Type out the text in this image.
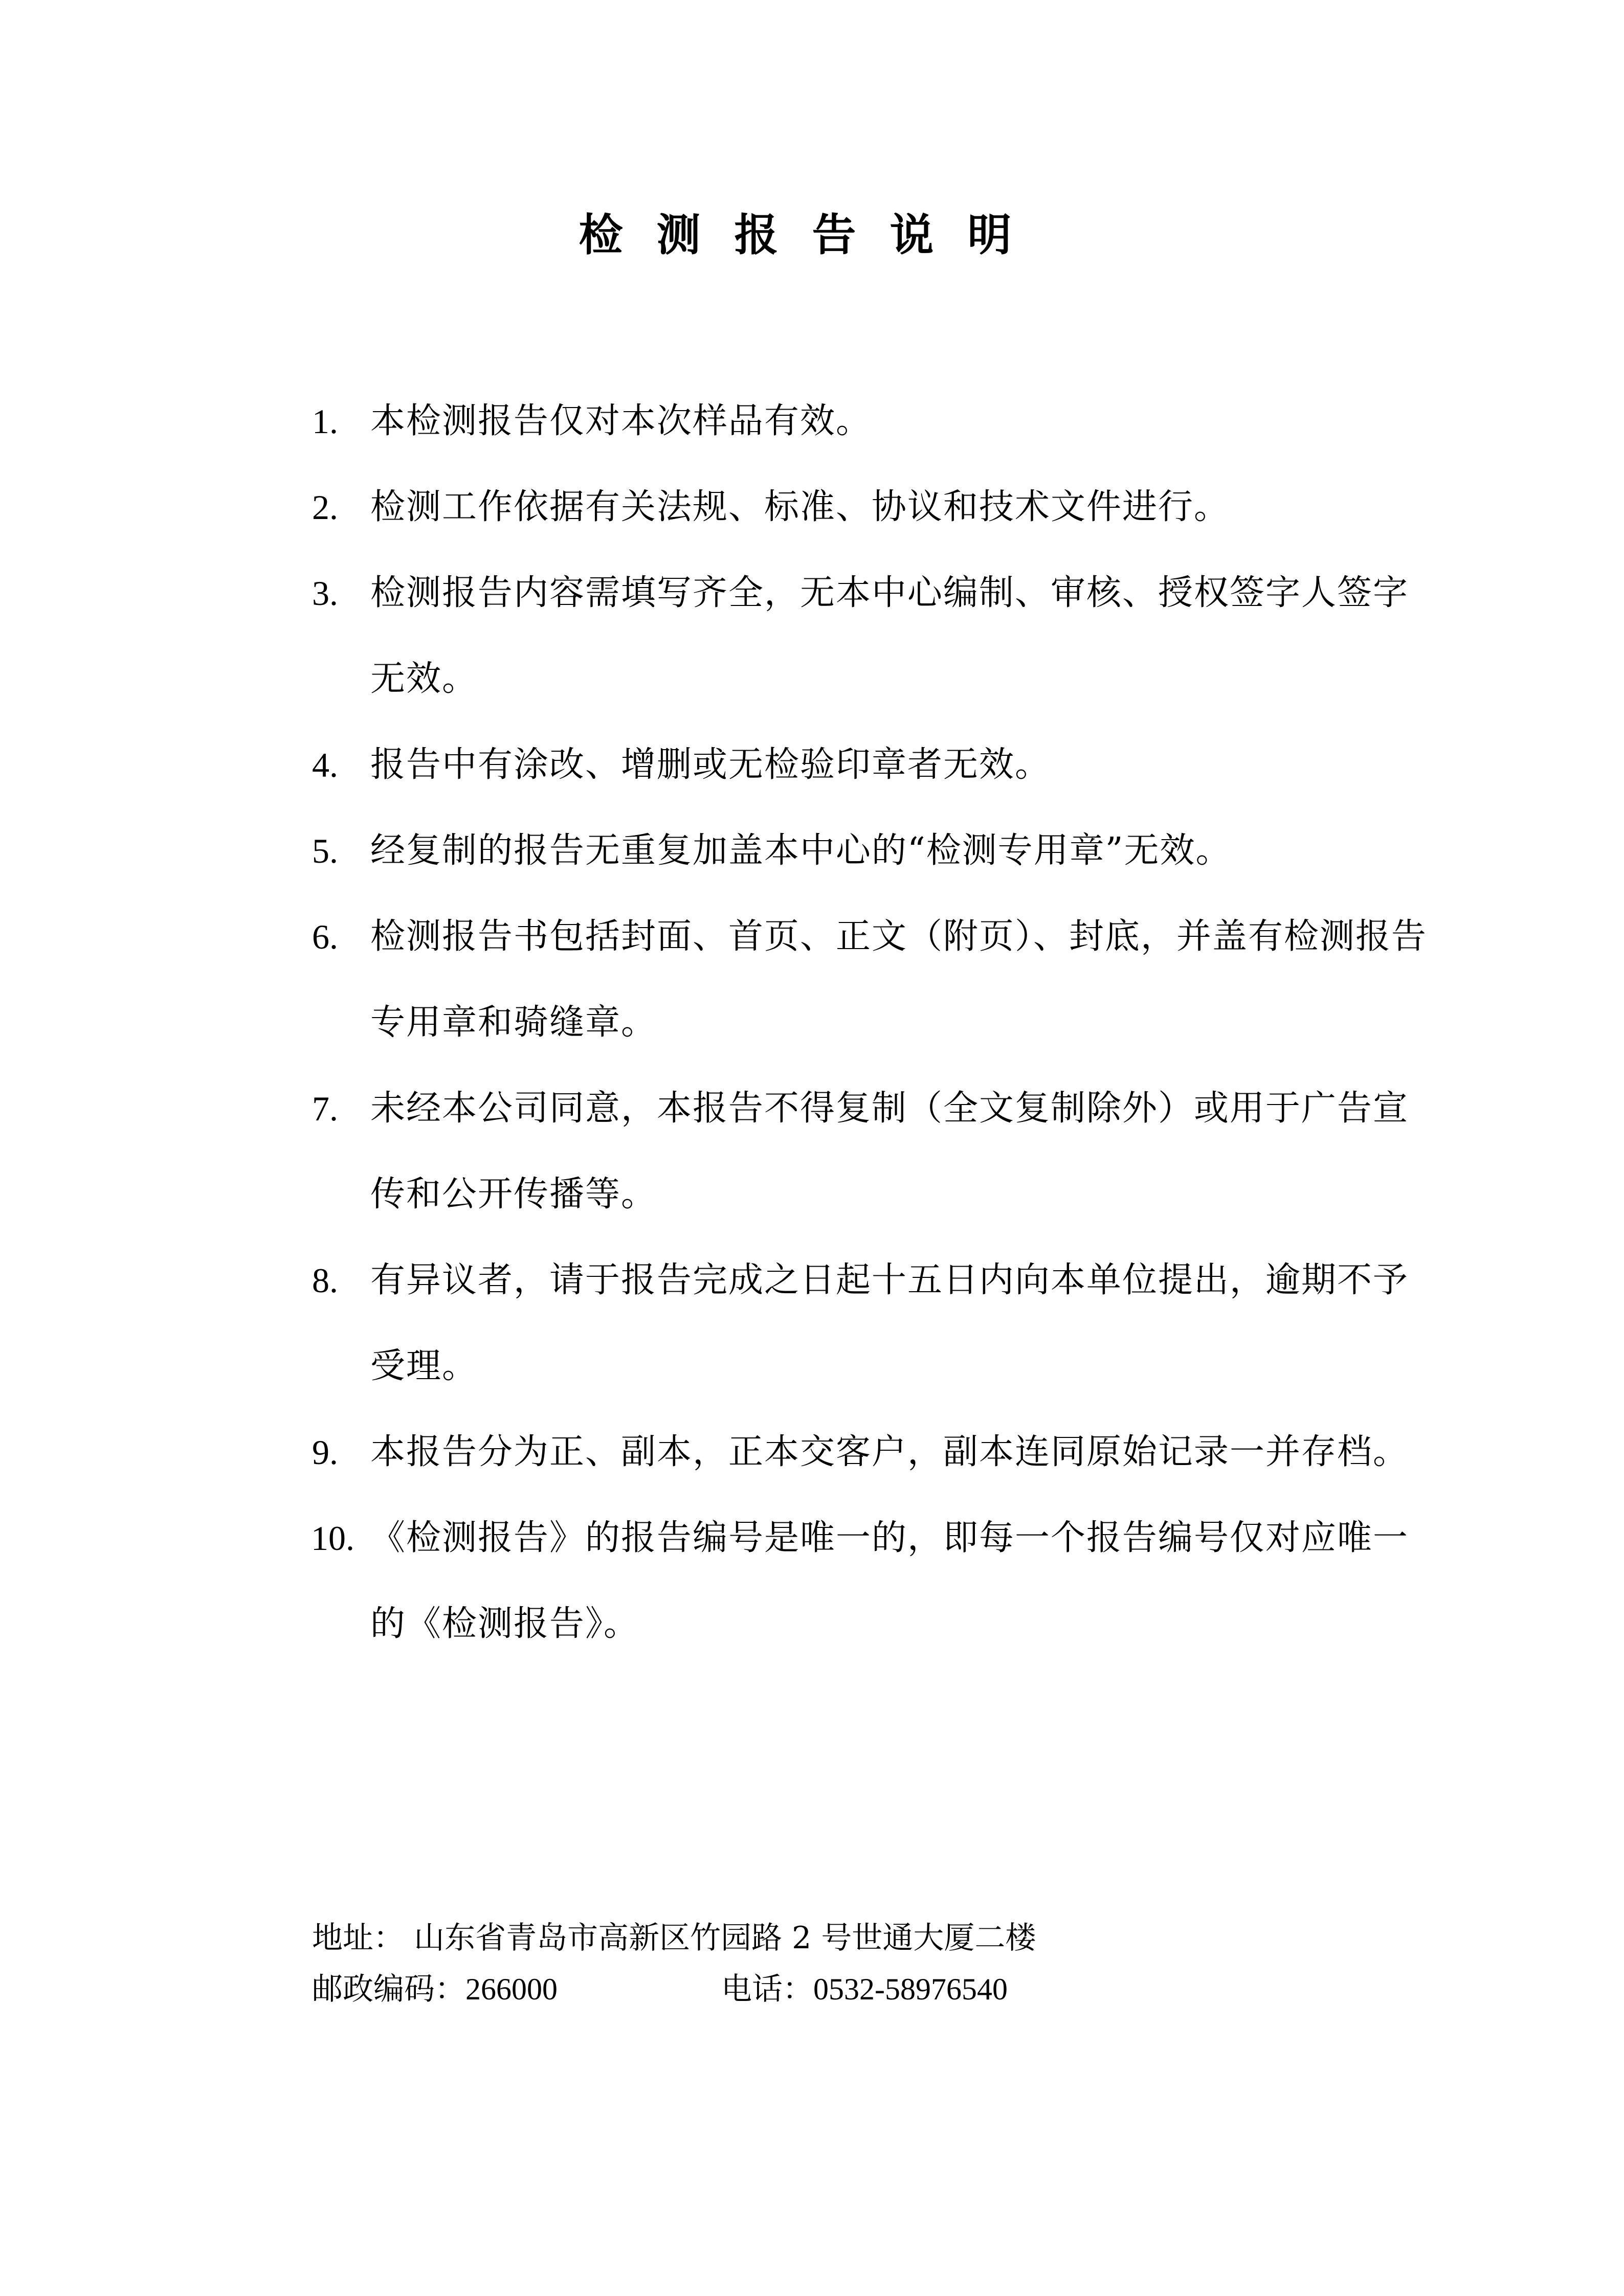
检测报告说明
1. 本检测报告仅对本次样品有效。
2. 检测工作依据有关法规、标准、协议和技术文件进行。
3. 检测报告内容需填写齐全，无本中心编制、审核、授权签字人签字无效。
4. 报告中有涂改、增删或无检验印章者无效。
5. 经复制的报告无重复加盖本中心的“检测专用章”无效。
6. 检测报告书包括封面、首页、正文（附页）、封底，并盖有检测报告专用章和骑缝章。
7. 未经本公司同意，本报告不得复制（全文复制除外）或用于广告宣传和公开传播等。
8. 有异议者，请于报告完成之日起十五日内向本单位提出，逾期不予受理。
9. 本报告分为正、副本，正本交客户，副本连同原始记录一并存档。
10. 《检测报告》的报告编号是唯一的，即每一个报告编号仅对应唯一的《检测报告》。
地址： 山东省青岛市高新区竹园路 2 号世通大厦二楼
邮政编码：266000	电话：0532-58976540
